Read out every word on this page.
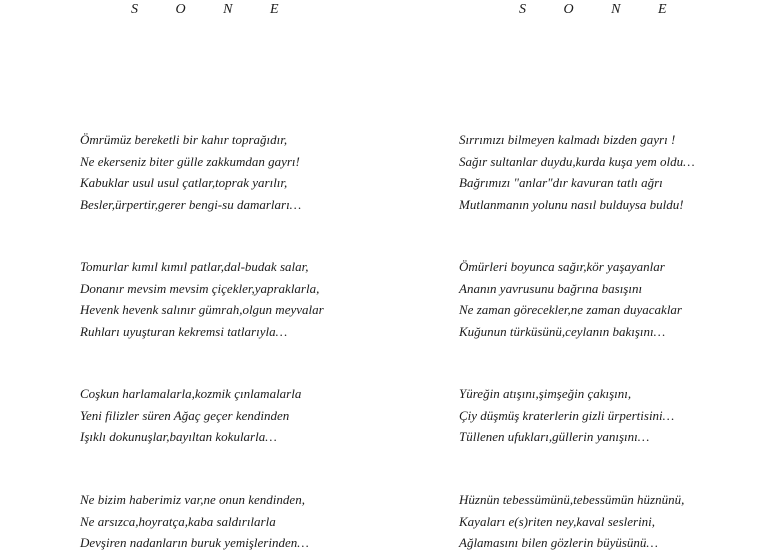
S O N E	S O N E
Ömrümüz bereketli bir kahır toprağıdır,
Ne ekerseniz biter gülle zakkumdan gayrı!
Kabuklar usul usul çatlar,toprak yarılır,
Besler,ürpertir,gerer bengi-su damarları…
Tomurlar kımıl kımıl patlar,dal-budak salar,
Donanır mevsim mevsim çiçekler,yapraklarla,
Hevenk hevenk salınır gümrah,olgun meyvalar
Ruhları uyuşturan kekremsi tatlarıyla…
Coşkun harlamalarla,kozmik çınlamalarla
Yeni filizler süren Ağaç geçer kendinden
Işıklı dokunuşlar,bayıltan kokularla…
Ne bizim haberimiz var,ne onun kendinden,
Ne arsızca,hoyratça,kaba saldırılarla
Devşiren nadanların buruk yemişlerinden…
Sırrımızı bilmeyen kalmadı bizden gayrı !
Sağır sultanlar duydu,kurda kuşa yem oldu…
Bağrımızı "anlar"dır kavuran tatlı ağrı
Mutlanmanın yolunu nasıl bulduysa buldu!
Ömürleri boyunca sağır,kör yaşayanlar
Ananın yavrusunu bağrına basışını
Ne zaman görecekler,ne zaman duyacaklar
Kuğunun türküsünü,ceylanın bakışını…
Yüreğin atışını,şimşeğin çakışını,
Çiy düşmüş kraterlerin gizli ürpertisini…
Tüllenen ufukları,güllerin yanışını…
Hüznün tebessümünü,tebessümün hüznünü,
Kayaları e(s)riten ney,kaval seslerini,
Ağlamasını bilen gözlerin büyüsünü…
